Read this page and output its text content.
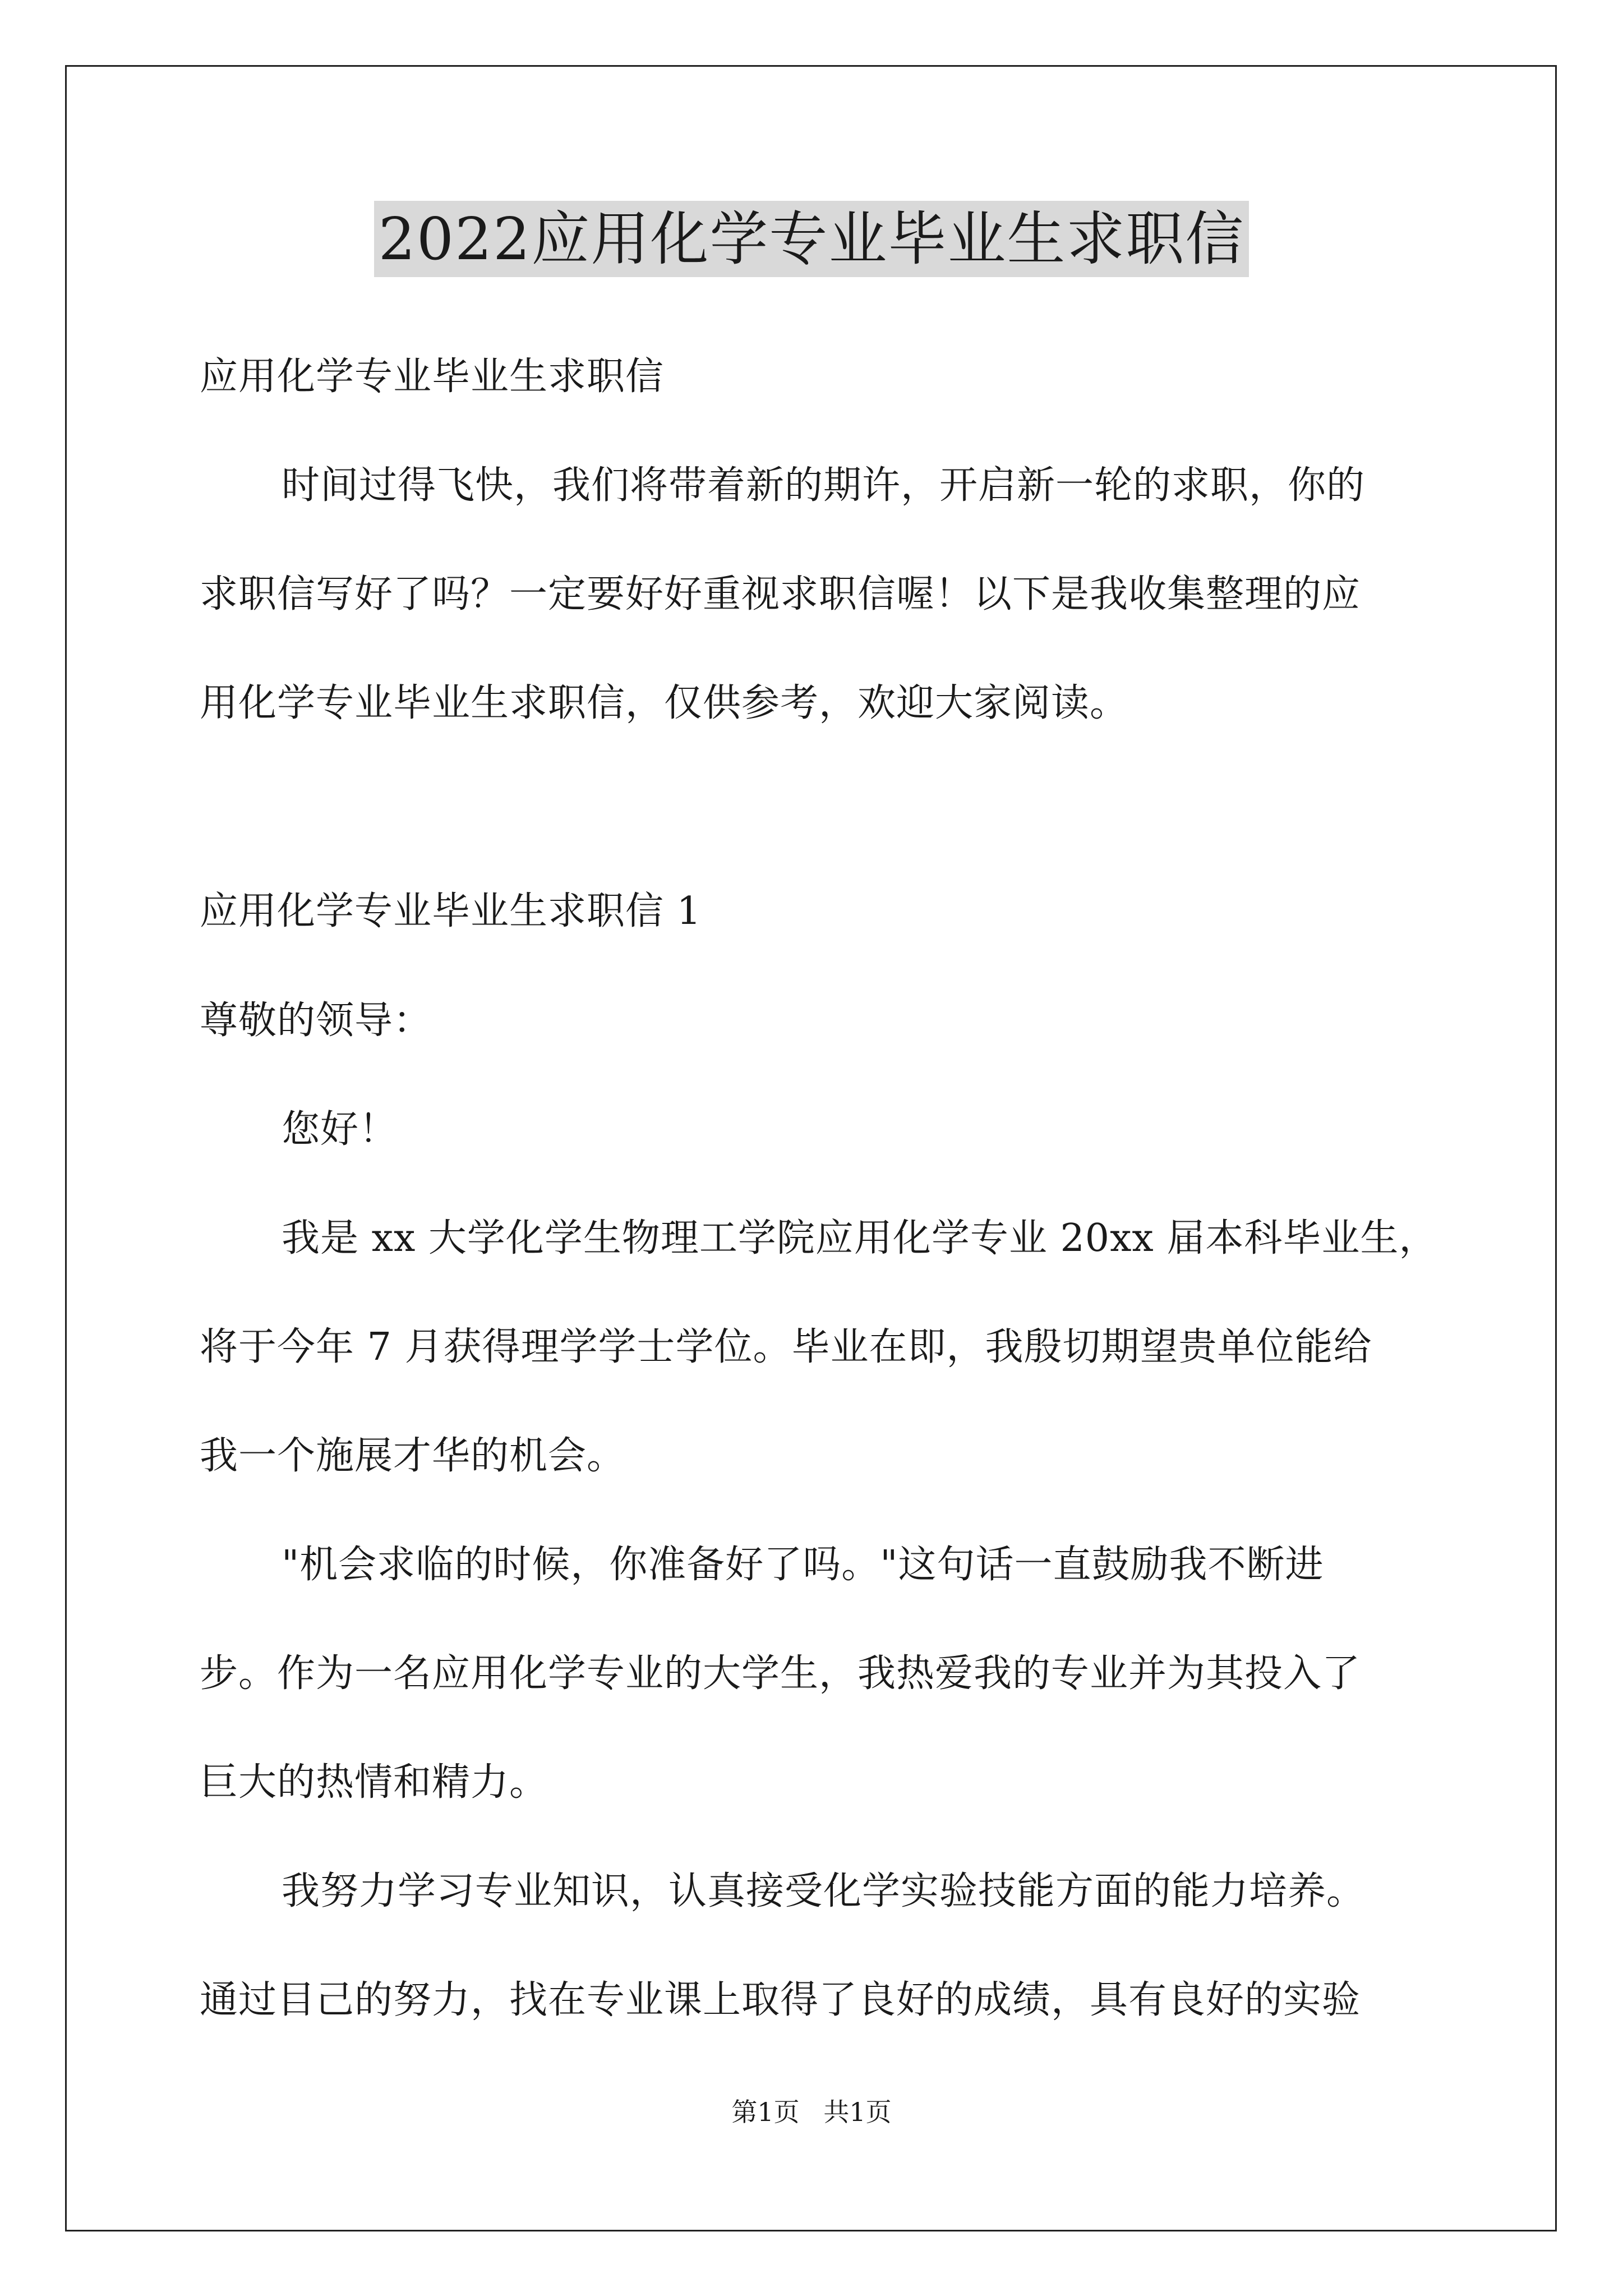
2022应用化学专业毕业生求职信
应用化学专业毕业生求职信
时间过得飞快，我们将带着新的期许，开启新一轮的求职，你的
求职信写好了吗？一定要好好重视求职信喔！以下是我收集整理的应
用化学专业毕业生求职信，仅供参考，欢迎大家阅读。
应用化学专业毕业生求职信 1
尊敬的领导：
您好！
我是 xx 大学化学生物理工学院应用化学专业 20xx 届本科毕业生，
将于今年 7 月获得理学学士学位。毕业在即，我殷切期望贵单位能给
我一个施展才华的机会。
"机会求临的时候，你准备好了吗。"这句话一直鼓励我不断进
步。作为一名应用化学专业的大学生，我热爱我的专业并为其投入了
巨大的热情和精力。
我努力学习专业知识，认真接受化学实验技能方面的能力培养。
通过目己的努力，找在专业课上取得了良好的成绩，具有良好的实验
第1页 共1页
